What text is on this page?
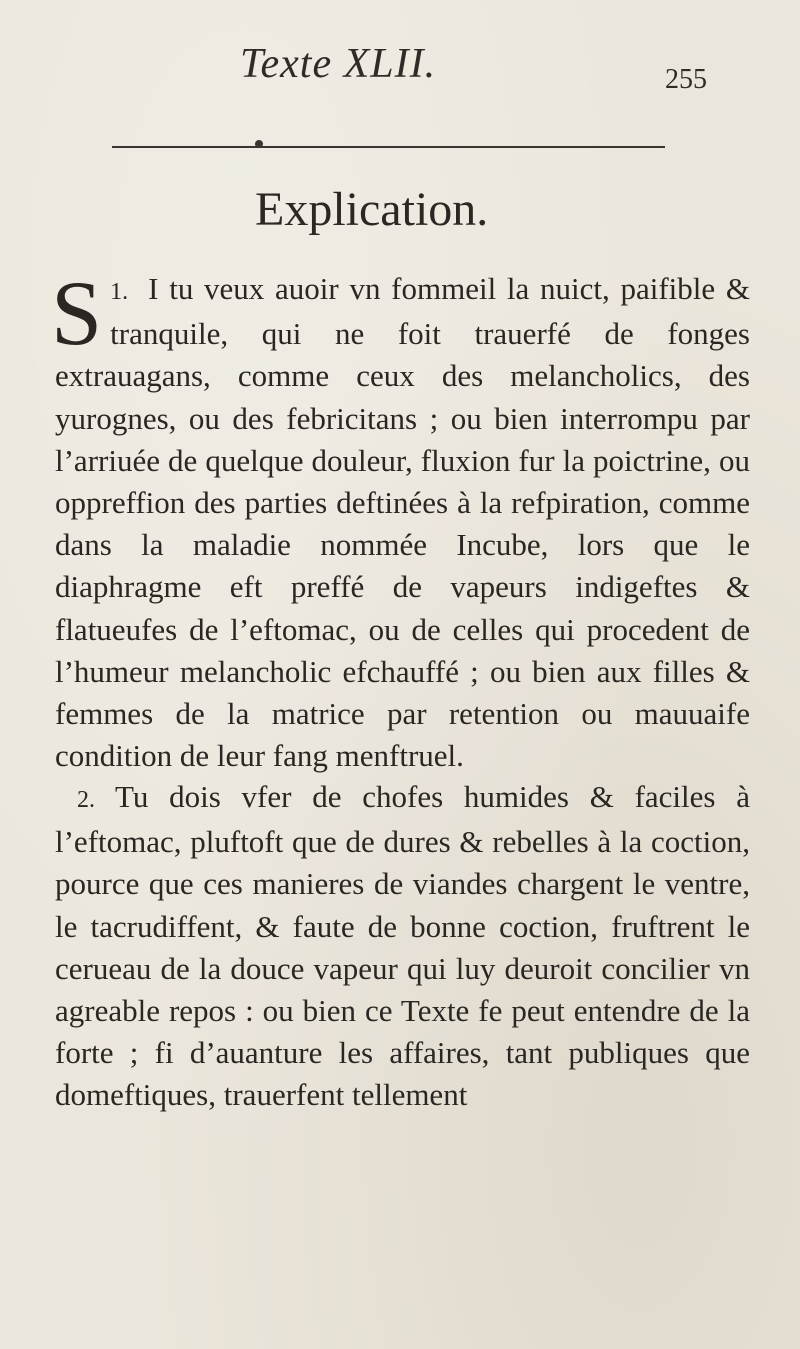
Texte XLII.	255
Explication.
1.
S I tu veux auoir vn fommeil la nuict, paifible & tranquile, qui ne foit trauerfé de fonges extrauagans, comme ceux des melancholics, des yurognes, ou des febricitans ; ou bien interrompu par l’arriuée de quelque douleur, fluxion fur la poictrine, ou oppreffion des parties deftinées à la refpiration, comme dans la maladie nommée Incube, lors que le diaphragme eft preffé de vapeurs indigeftes & flatueufes de l’eftomac, ou de celles qui procedent de l’humeur melancholic efchauffé ; ou bien aux filles & femmes de la matrice par retention ou mauuaife condition de leur fang menftruel.
2. Tu dois vfer de chofes humides & faciles à l’eftomac, pluftoft que de dures & rebelles à la coction, pource que ces manieres de viandes chargent le ventre, le tacrudiffent, & faute de bonne coction, fruftrent le cerueau de la douce vapeur qui luy deuroit concilier vn agreable repos : ou bien ce Texte fe peut entendre de la forte ; fi d’auanture les affaires, tant publiques que domeftiques, trauerfent tellement
